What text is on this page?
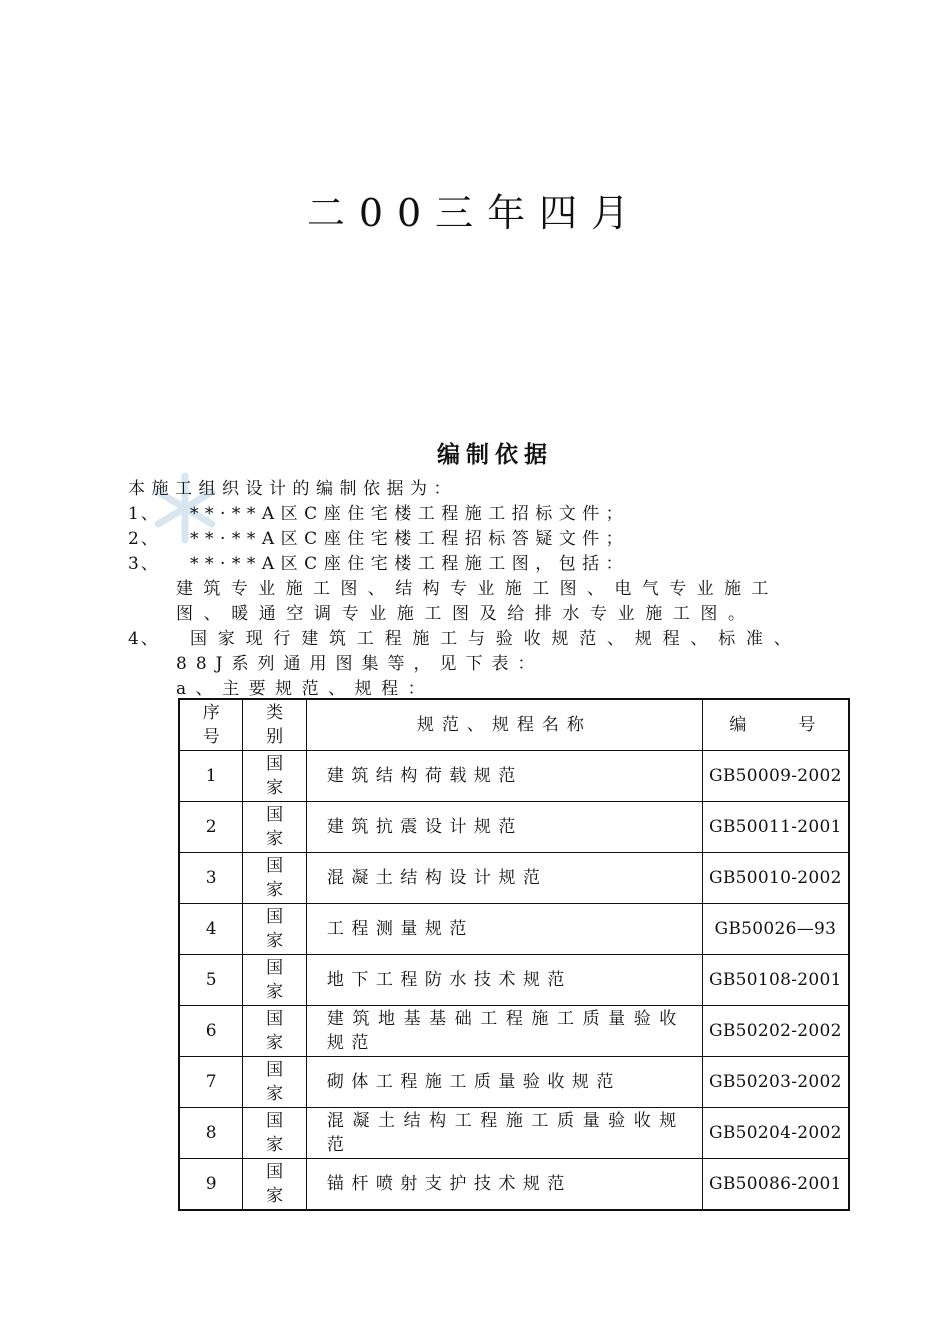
二00三年四月
编制依据
本施工组织设计的编制依据为：
1、 **·**A区C座住宅楼工程施工招标文件；
2、 **·**A区C座住宅楼工程招标答疑文件；
3、 **·**A区C座住宅楼工程施工图，包括：
建筑专业施工图、结构专业施工图、电气专业施工
图、暖通空调专业施工图及给排水专业施工图。
4、 国家现行建筑工程施工与验收规范、规程、标准、
88J系列通用图集等，见下表：
a、主要规范、规程：
序号	类别	规范、规程名称	编　　号
1	国家	建筑结构荷载规范	GB50009-2002
2	国家	建筑抗震设计规范	GB50011-2001
3	国家	混凝土结构设计规范	GB50010-2002
4	国家	工程测量规范	GB50026—93
5	国家	地下工程防水技术规范	GB50108-2001
6	国家	建筑地基基础工程施工质量验收规范	GB50202-2002
7	国家	砌体工程施工质量验收规范	GB50203-2002
8	国家	混凝土结构工程施工质量验收规范	GB50204-2002
9	国家	锚杆喷射支护技术规范	GB50086-2001
